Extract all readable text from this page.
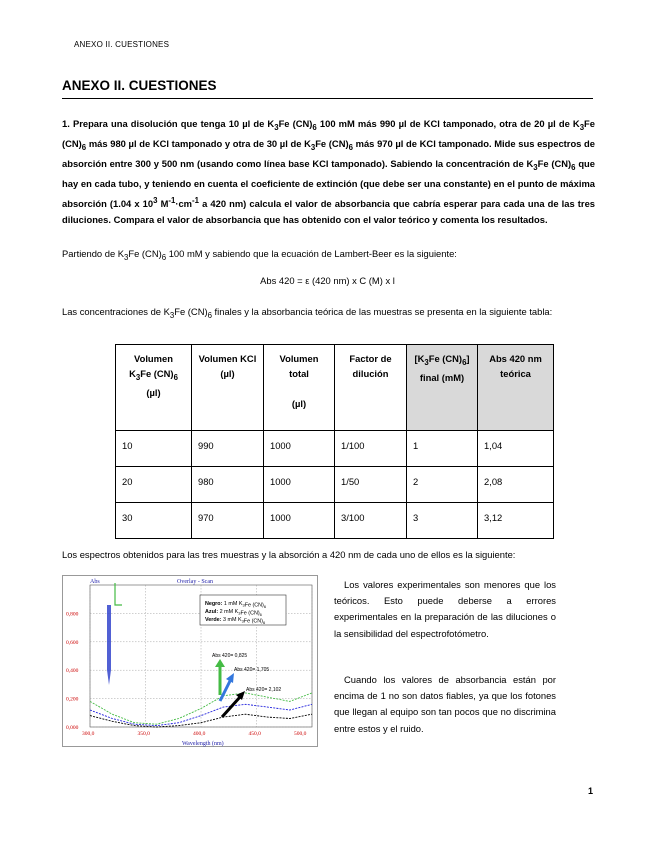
ANEXO II. CUESTIONES
ANEXO II. CUESTIONES
1. Prepara una disolución que tenga 10 µl de $K_3Fe$ $(CN)_6$ 100 mM más 990 µl de KCl tamponado, otra de 20 µl de $K_3Fe$ $(CN)_6$ más 980 µl de KCl tamponado y otra de 30 µl de $K_3Fe$ $(CN)_6$ más 970 µl de KCl tamponado. Mide sus espectros de absorción entre 300 y 500 nm (usando como línea base KCl tamponado). Sabiendo la concentración de $K_3Fe$ $(CN)_6$ que hay en cada tubo, y teniendo en cuenta el coeficiente de extinción (que debe ser una constante) en el punto de máxima absorción (1.04 x $10^3$ $M^{-1}\cdot cm^{-1}$ a 420 nm) calcula el valor de absorbancia que cabría esperar para cada una de las tres diluciones. Compara el valor de absorbancia que has obtenido con el valor teórico y comenta los resultados.
Partiendo de $K_3Fe$ $(CN)_6$ 100 mM y sabiendo que la ecuación de Lambert-Beer es la siguiente:
Abs 420 = ε (420 nm) x C (M) x l
Las concentraciones de $K_3Fe$ $(CN)_6$ finales y la absorbancia teórica de las muestras se presenta en la siguiente tabla:
Volumen $K_3Fe$ $(CN)_6$ (µl)	Volumen KCl (µl)	Volumen total

(µl)	Factor de dilución	[$K_3Fe$ $(CN)_6$] final (mM)	Abs 420 nm teórica
10	990	1000	1/100	1	1,04
20	980	1000	1/50	2	2,08
30	970	1000	3/100	3	3,12
Los espectros obtenidos para las tres muestras y la absorción a 420 nm de cada uno de ellos es la siguiente:
Abs	Overlay - Scan
Wavelength (nm)
0,000
0,200
0,400
0,600
0,800
300,0	350,0	400,0	450,0	500,0
Negro: 1 mM $K_3Fe$ $(CN)_6$
Azul: 2 mM $K_3Fe$ $(CN)_6$
Verde: 3 mM $K_3Fe$ $(CN)_6$
Abs 420= 0,825
Abs 420= 1,705
Abs 420= 2,102
Los valores experimentales son menores que los teóricos. Esto puede deberse a errores experimentales en la preparación de las diluciones o la sensibilidad del espectrofotómetro.
Cuando los valores de absorbancia están por encima de 1 no son datos fiables, ya que los fotones que llegan al equipo son tan pocos que no discrimina entre estos y el ruido.
1
